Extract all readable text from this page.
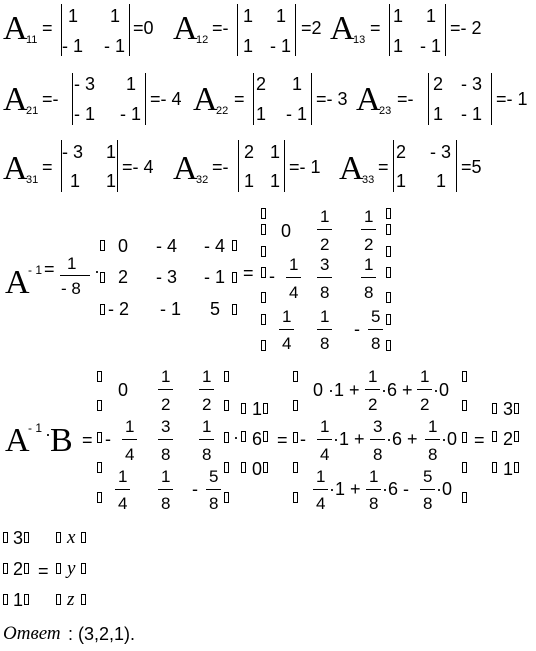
A
11
=
1 1
- 1 - 1
=0 A
12
=-
1 1
1 - 1
=2 A
13
=
1 1
1 - 1
=- 2
A
21
=-
- 3 1
- 1 - 1
=- 4 A
22
=
2 1
1 - 1
=- 3 A
23
=-
2 - 3
1 - 1
=- 1
A
31
=
- 3 1
1 1
=- 4 A
32
=-
2 1
1 1
=- 1 A
33
=
2 - 3
1 1
=5
A
- 1 = 1
- 8
·
0 - 4 - 4
2 - 3 - 1
- 2 - 1 5
=
0
1
2
1
2
-
1
4
3
8
1
8
1
4
1
8
-
5
8
A
- 1 · B =
0
1
2
1
2
-
1
4
3
8
1
8
1
4
1
8
-
5
8
·
1
6
0
=
0 ·1 +
1
2
·6 +
1
2
·0
-
1
4
·1 +
3
8
·6 +
1
8
·0
1
4
·1 +
1
8
·6 -
5
8
·0
=
3
2
1
3
2
1
=
x
y
z
Ответ : (3,2,1).
